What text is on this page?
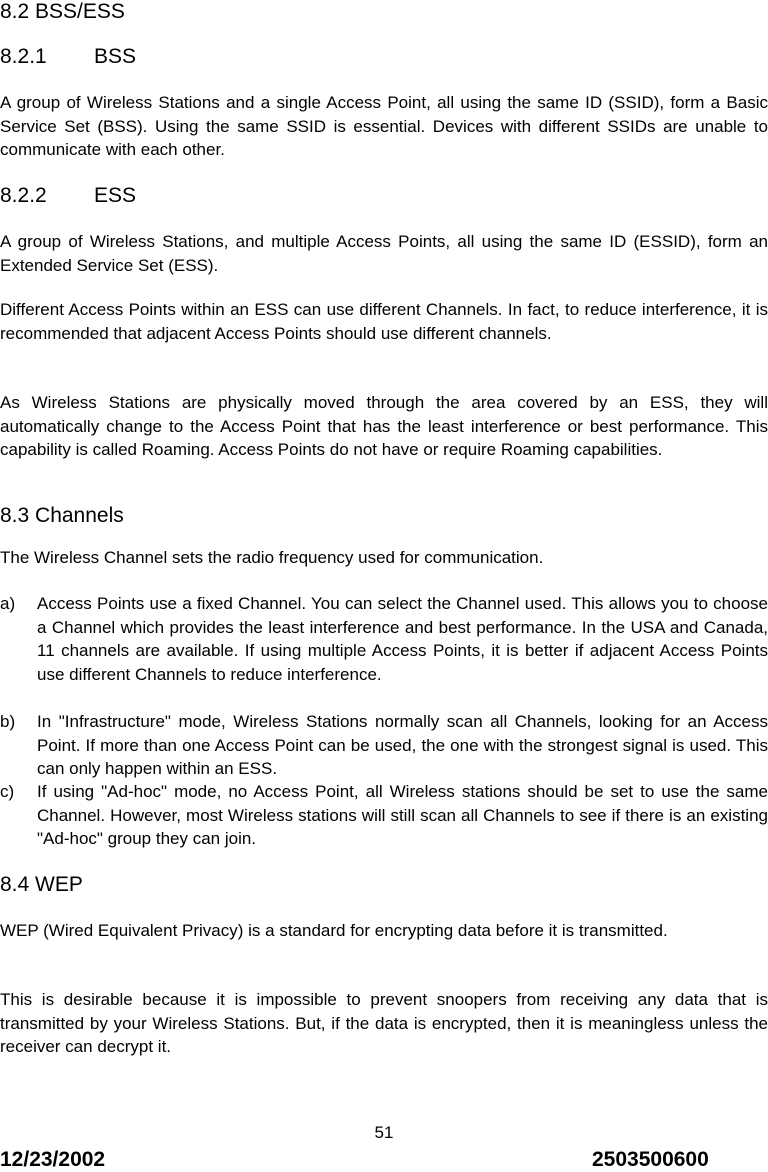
8.2 BSS/ESS
8.2.1 BSS
A group of Wireless Stations and a single Access Point, all using the same ID (SSID), form a Basic Service Set (BSS). Using the same SSID is essential. Devices with different SSIDs are unable to communicate with each other.
8.2.2 ESS
A group of Wireless Stations, and multiple Access Points, all using the same ID (ESSID), form an Extended Service Set (ESS).
Different Access Points within an ESS can use different Channels. In fact, to reduce interference, it is recommended that adjacent Access Points should use different channels.
As Wireless Stations are physically moved through the area covered by an ESS, they will automatically change to the Access Point that has the least interference or best performance. This capability is called Roaming. Access Points do not have or require Roaming capabilities.
8.3 Channels
The Wireless Channel sets the radio frequency used for communication.
a) Access Points use a fixed Channel. You can select the Channel used. This allows you to choose a Channel which provides the least interference and best performance. In the USA and Canada, 11 channels are available. If using multiple Access Points, it is better if adjacent Access Points use different Channels to reduce interference.
b) In "Infrastructure" mode, Wireless Stations normally scan all Channels, looking for an Access Point. If more than one Access Point can be used, the one with the strongest signal is used. This can only happen within an ESS.
c) If using "Ad-hoc" mode, no Access Point, all Wireless stations should be set to use the same Channel. However, most Wireless stations will still scan all Channels to see if there is an existing "Ad-hoc" group they can join.
8.4 WEP
WEP (Wired Equivalent Privacy) is a standard for encrypting data before it is transmitted.
This is desirable because it is impossible to prevent snoopers from receiving any data that is transmitted by your Wireless Stations. But, if the data is encrypted, then it is meaningless unless the receiver can decrypt it.
51
12/23/2002	2503500600
